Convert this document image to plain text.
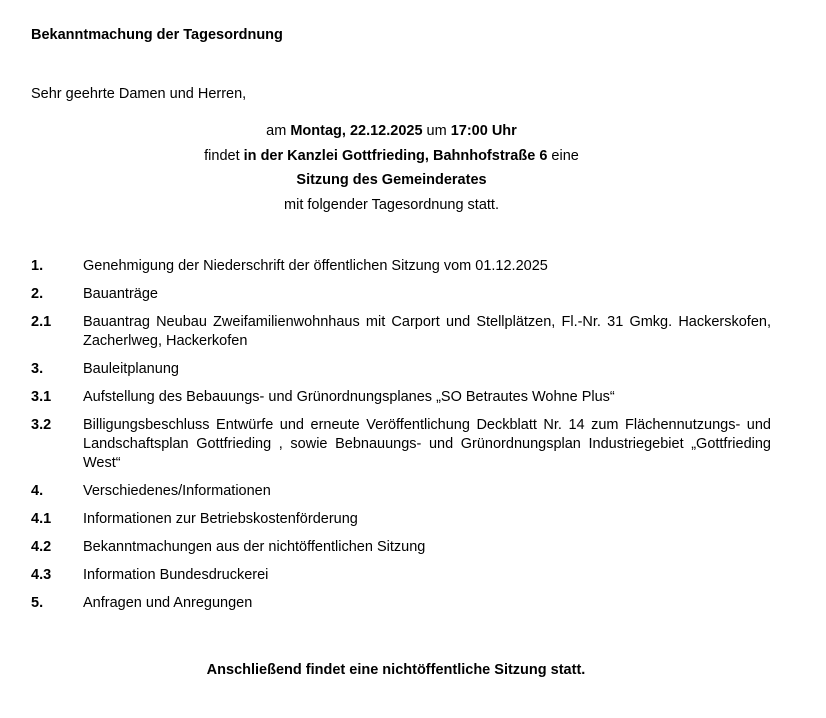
Bekanntmachung der Tagesordnung
Sehr geehrte Damen und Herren,
am Montag, 22.12.2025 um 17:00 Uhr
findet in der Kanzlei Gottfrieding, Bahnhofstraße 6 eine
Sitzung des Gemeinderates
mit folgender Tagesordnung statt.
1.	Genehmigung der Niederschrift der öffentlichen Sitzung vom 01.12.2025
2.	Bauanträge
2.1	Bauantrag Neubau Zweifamilienwohnhaus mit Carport und Stellplätzen, Fl.-Nr. 31 Gmkg. Hackerskofen, Zacherlweg, Hackerkofen
3.	Bauleitplanung
3.1	Aufstellung des Bebauungs- und Grünordnungsplanes „SO Betrautes Wohne Plus“
3.2	Billigungsbeschluss Entwürfe und erneute Veröffentlichung Deckblatt Nr. 14 zum Flächennutzungs- und Landschaftsplan Gottfrieding , sowie Bebnauungs- und Grünordnungsplan Industriegebiet „Gottfrieding West“
4.	Verschiedenes/Informationen
4.1	Informationen zur Betriebskostenförderung
4.2	Bekanntmachungen aus der nichtöffentlichen Sitzung
4.3	Information Bundesdruckerei
5.	Anfragen und Anregungen
Anschließend findet eine nichtöffentliche Sitzung statt.
